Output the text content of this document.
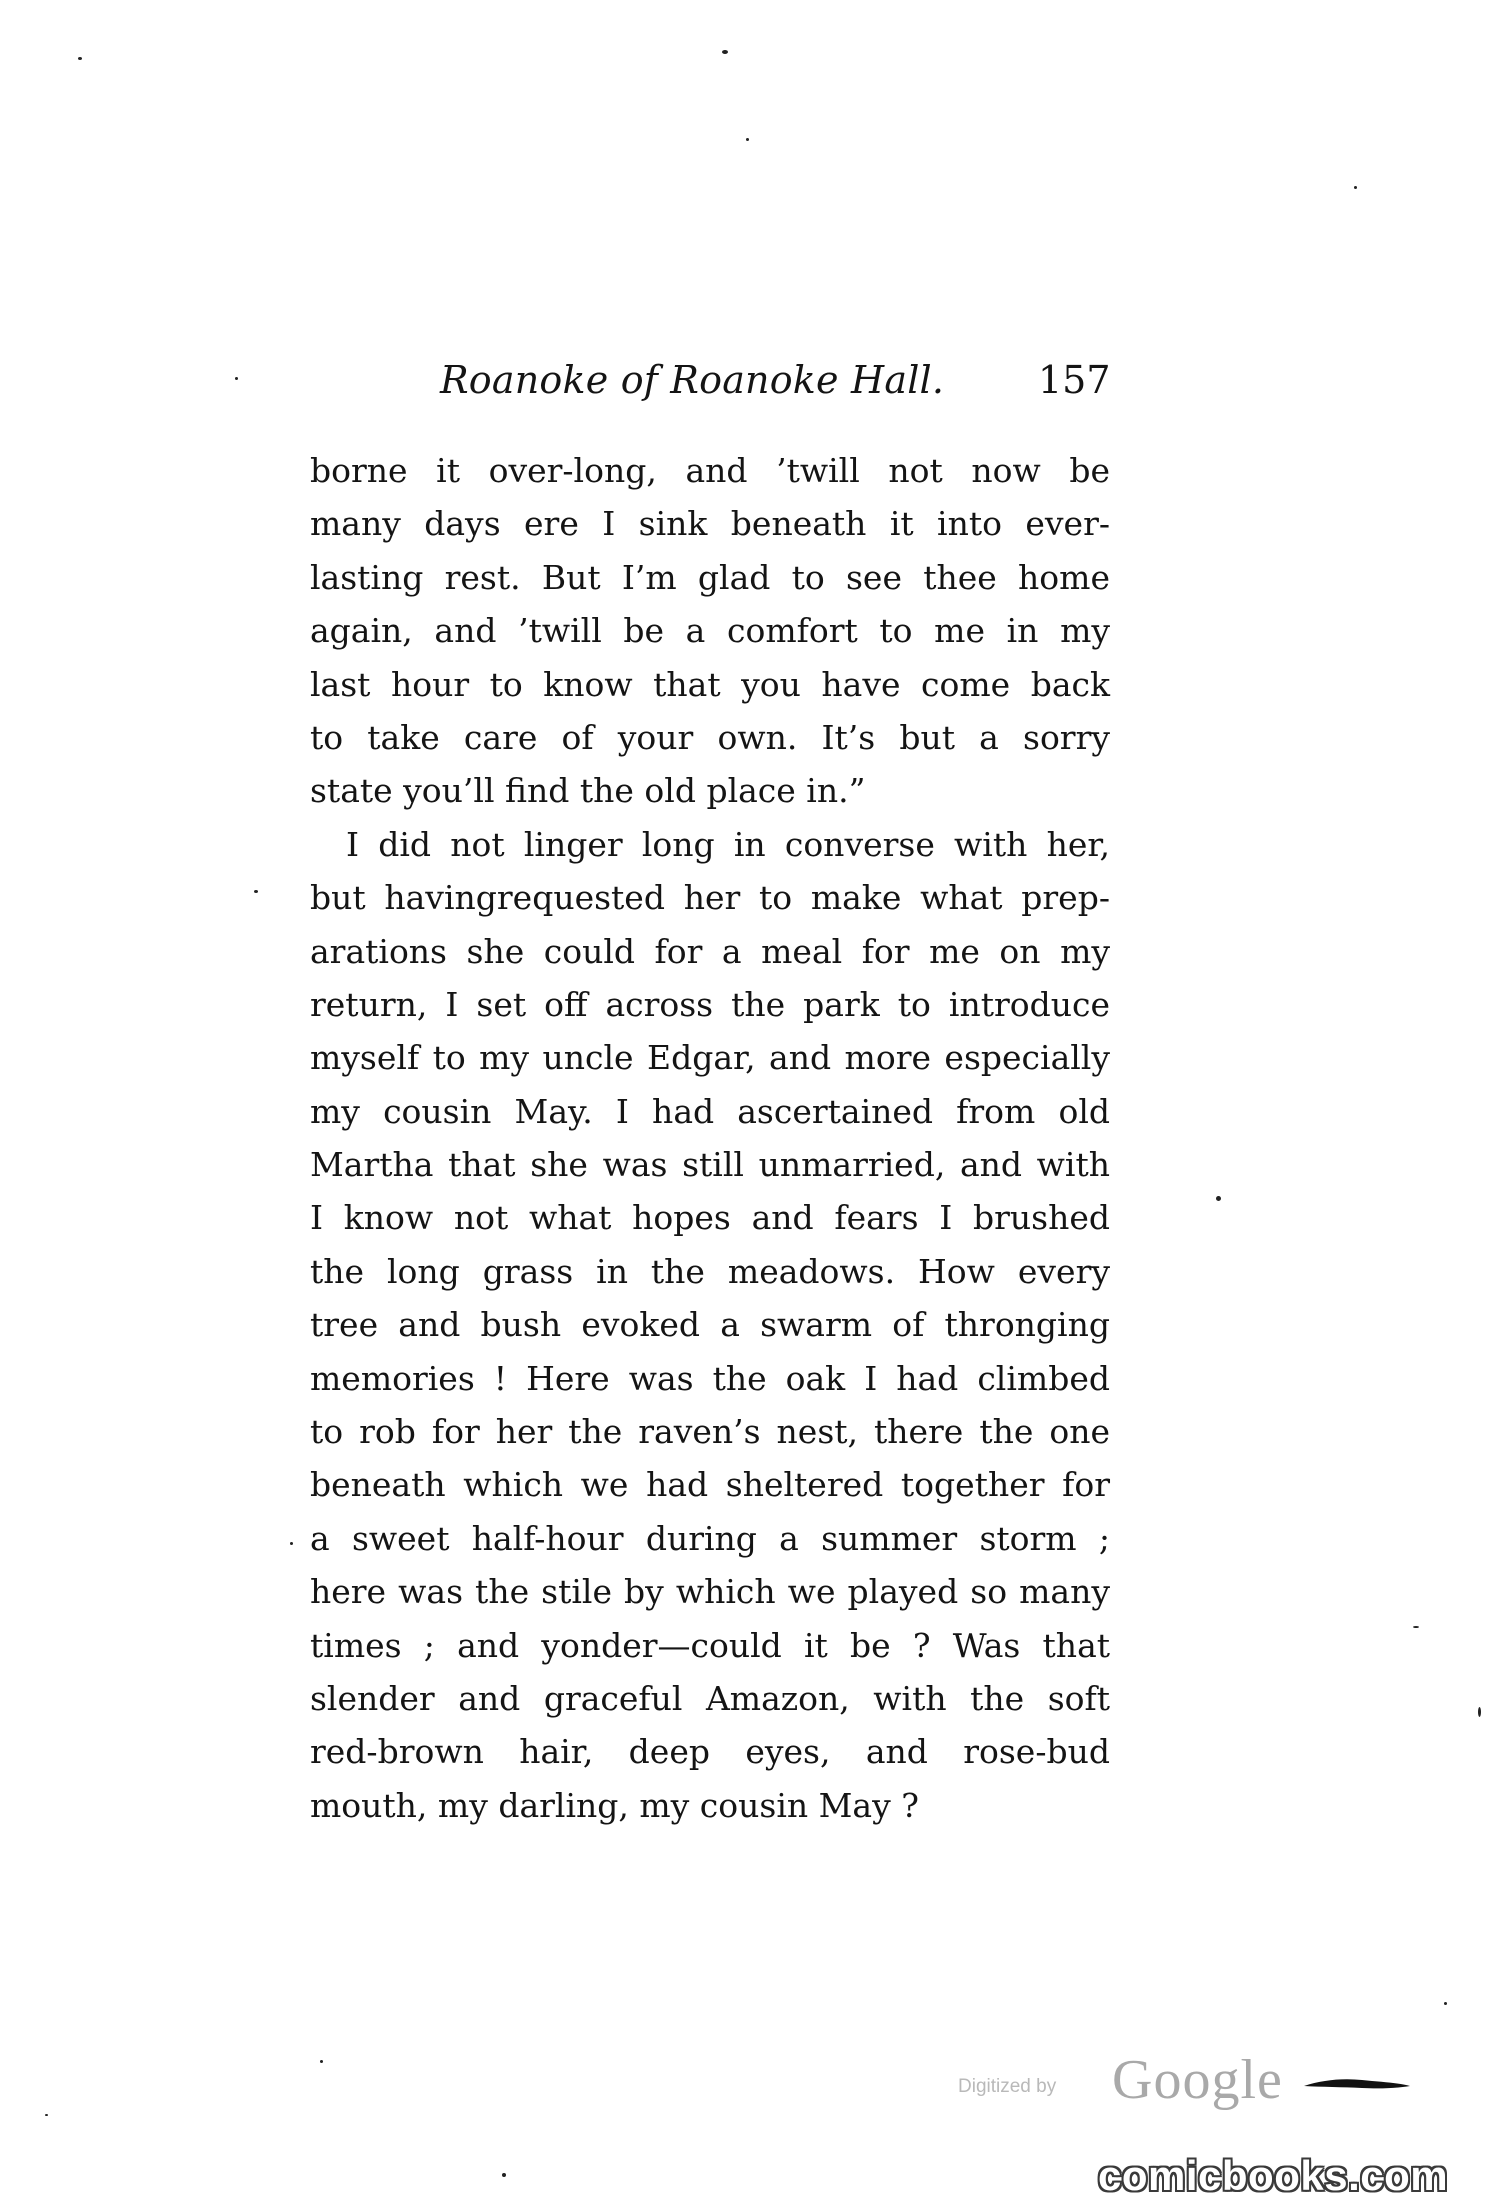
Roanoke of Roanoke Hall. 157
borne it over-long, and ’twill not now be
many days ere I sink beneath it into ever-
lasting rest. But I’m glad to see thee home
again, and ’twill be a comfort to me in my
last hour to know that you have come back
to take care of your own. It’s but a sorry
state you’ll find the old place in.”
I did not linger long in converse with her,
but havingrequested her to make what prep-
arations she could for a meal for me on my
return, I set off across the park to introduce
myself to my uncle Edgar, and more especially
my cousin May. I had ascertained from old
Martha that she was still unmarried, and with
I know not what hopes and fears I brushed
the long grass in the meadows. How every
tree and bush evoked a swarm of thronging
memories ! Here was the oak I had climbed
to rob for her the raven’s nest, there the one
beneath which we had sheltered together for
a sweet half-hour during a summer storm ;
here was the stile by which we played so many
times ; and yonder—could it be ? Was that
slender and graceful Amazon, with the soft
red-brown hair, deep eyes, and rose-bud
mouth, my darling, my cousin May ?
Digitized by Google
comicbooks.com
